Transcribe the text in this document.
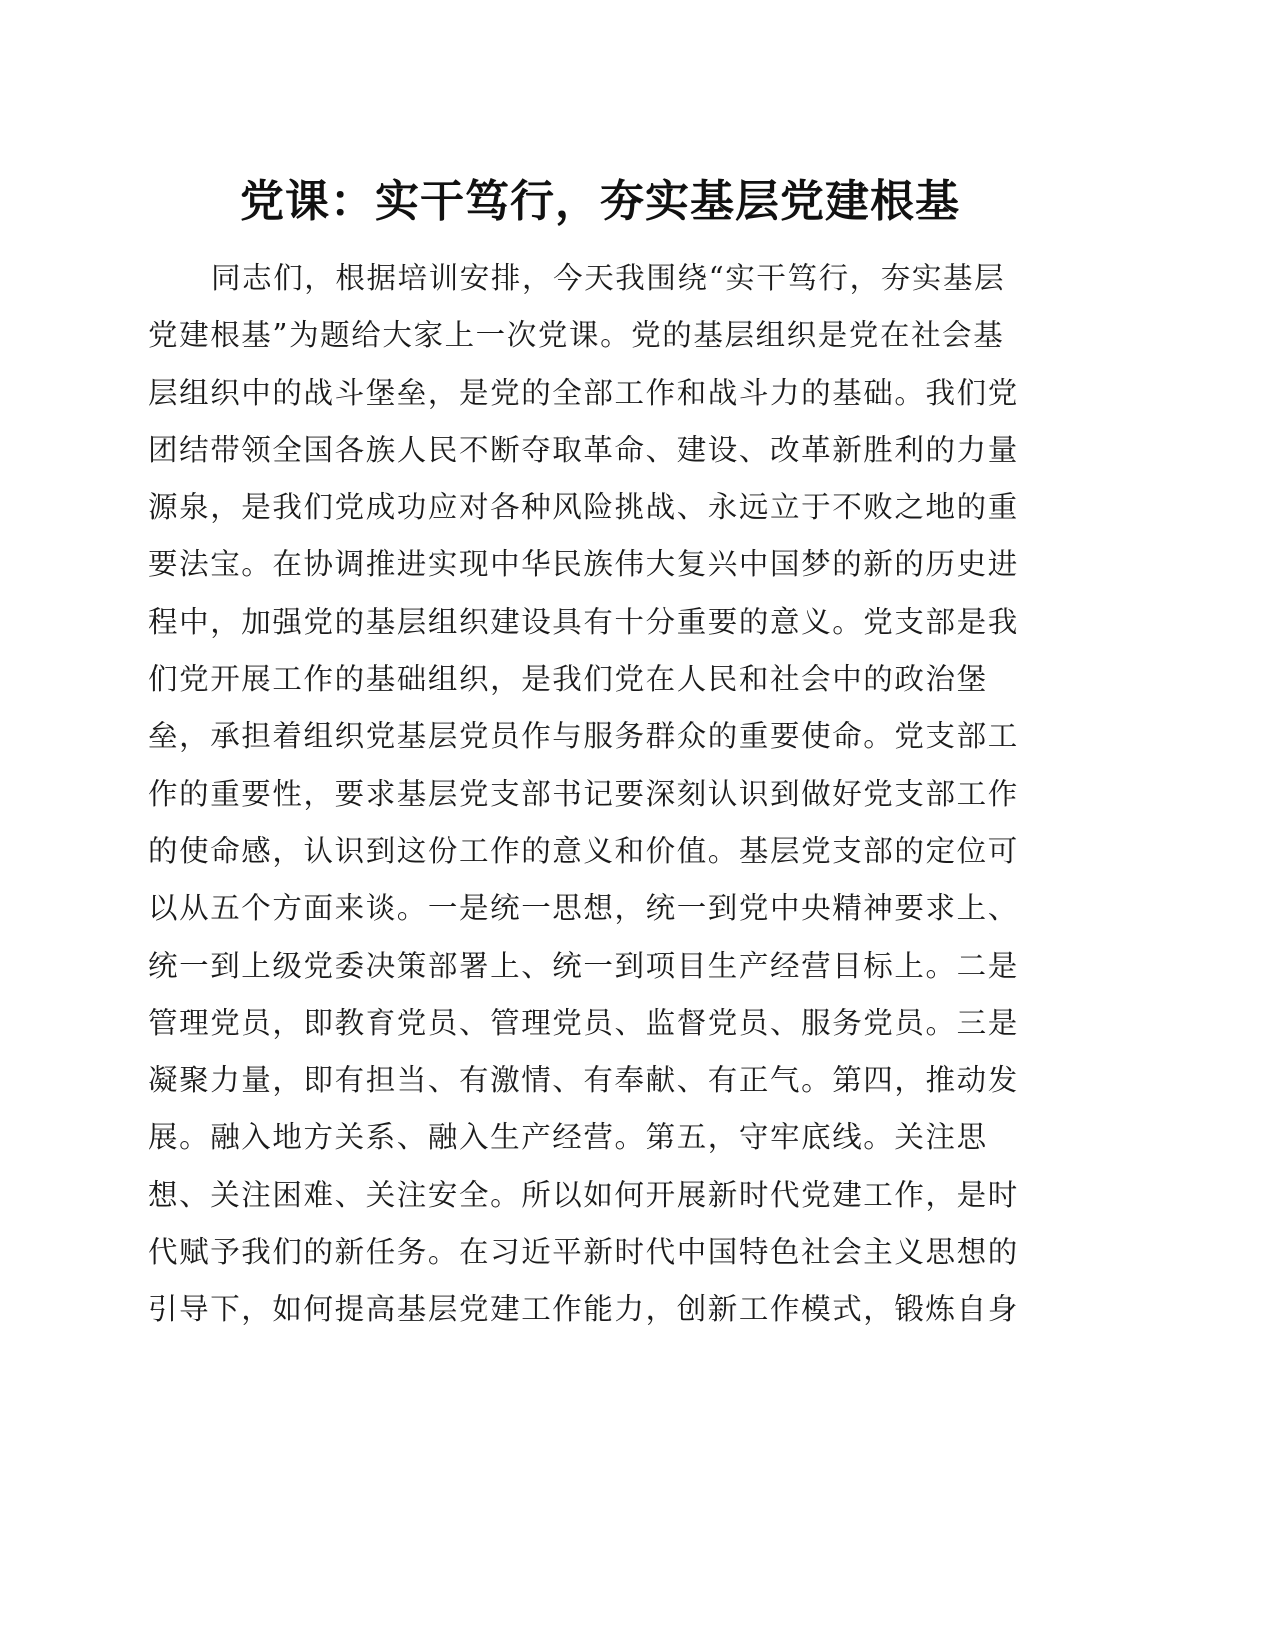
党课：实干笃行，夯实基层党建根基
同志们，根据培训安排，今天我围绕“实干笃行，夯实基层
党建根基”为题给大家上一次党课。党的基层组织是党在社会基
层组织中的战斗堡垒，是党的全部工作和战斗力的基础。我们党
团结带领全国各族人民不断夺取革命、建设、改革新胜利的力量
源泉，是我们党成功应对各种风险挑战、永远立于不败之地的重
要法宝。在协调推进实现中华民族伟大复兴中国梦的新的历史进
程中，加强党的基层组织建设具有十分重要的意义。党支部是我
们党开展工作的基础组织，是我们党在人民和社会中的政治堡
垒，承担着组织党基层党员作与服务群众的重要使命。党支部工
作的重要性，要求基层党支部书记要深刻认识到做好党支部工作
的使命感，认识到这份工作的意义和价值。基层党支部的定位可
以从五个方面来谈。一是统一思想，统一到党中央精神要求上、
统一到上级党委决策部署上、统一到项目生产经营目标上。二是
管理党员，即教育党员、管理党员、监督党员、服务党员。三是
凝聚力量，即有担当、有激情、有奉献、有正气。第四，推动发
展。融入地方关系、融入生产经营。第五，守牢底线。关注思
想、关注困难、关注安全。所以如何开展新时代党建工作，是时
代赋予我们的新任务。在习近平新时代中国特色社会主义思想的
引导下，如何提高基层党建工作能力，创新工作模式，锻炼自身
